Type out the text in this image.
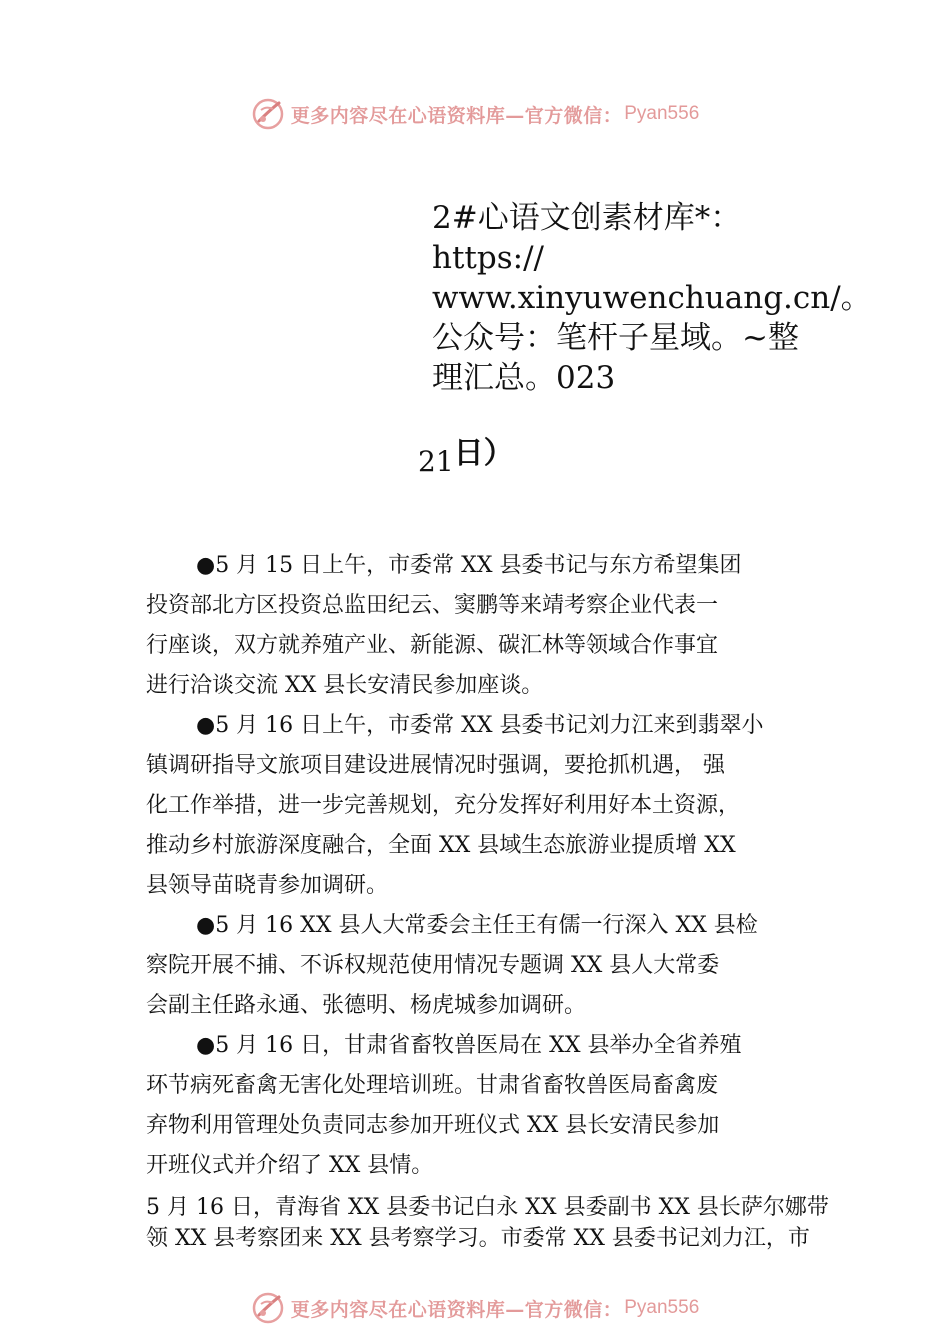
更多内容尽在心语资料库—官方微信： Pyan556
2#心语文创素材库*：
https://
www.xinyuwenchuang.cn/。
公众号：笔杆子星域。~整
理汇总。023
21日）
●5 月 15 日上午，市委常 XX 县委书记与东方希望集团
投资部北方区投资总监田纪云、窦鹏等来靖考察企业代表一
行座谈，双方就养殖产业、新能源、碳汇林等领域合作事宜
进行洽谈交流 XX 县长安清民参加座谈。
●5 月 16 日上午，市委常 XX 县委书记刘力江来到翡翠小
镇调研指导文旅项目建设进展情况时强调，要抢抓机遇， 强
化工作举措，进一步完善规划，充分发挥好利用好本土资源，
推动乡村旅游深度融合，全面 XX 县域生态旅游业提质增 XX
县领导苗晓青参加调研。
●5 月 16 XX 县人大常委会主任王有儒一行深入 XX 县检
察院开展不捕、不诉权规范使用情况专题调 XX 县人大常委
会副主任路永通、张德明、杨虎城参加调研。
●5 月 16 日，甘肃省畜牧兽医局在 XX 县举办全省养殖
环节病死畜禽无害化处理培训班。甘肃省畜牧兽医局畜禽废
弃物利用管理处负责同志参加开班仪式 XX 县长安清民参加
开班仪式并介绍了 XX 县情。
5 月 16 日，青海省 XX 县委书记白永 XX 县委副书 XX 县长萨尔娜带
领 XX 县考察团来 XX 县考察学习。市委常 XX 县委书记刘力江，市
更多内容尽在心语资料库—官方微信： Pyan556
